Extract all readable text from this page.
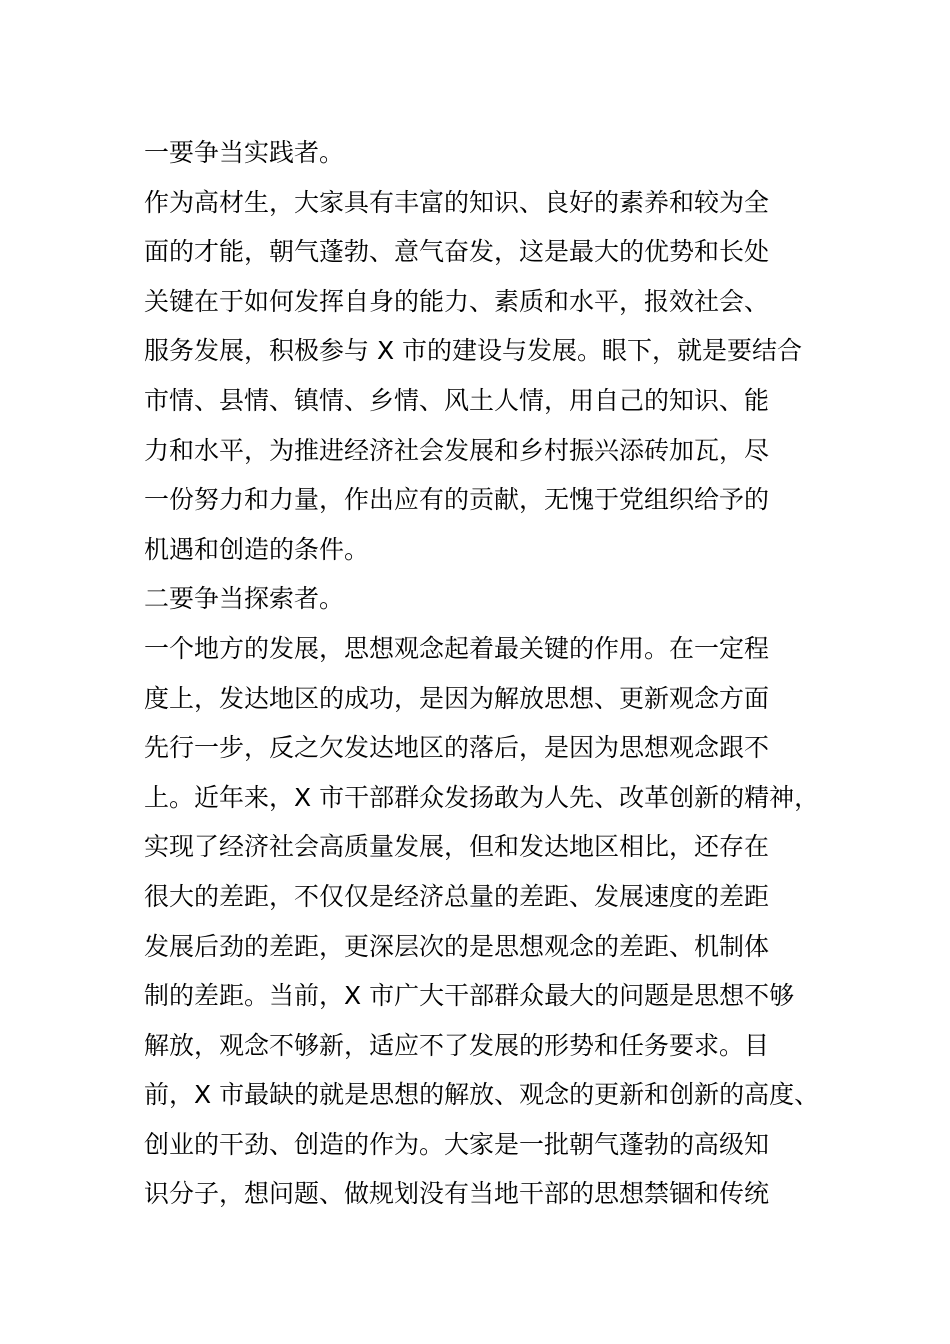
一要争当实践者。
作为高材生，大家具有丰富的知识、良好的素养和较为全
面的才能，朝气蓬勃、意气奋发，这是最大的优势和长处
关键在于如何发挥自身的能力、素质和水平，报效社会、
服务发展，积极参与 X 市的建设与发展。眼下，就是要结合
市情、县情、镇情、乡情、风土人情，用自己的知识、能
力和水平，为推进经济社会发展和乡村振兴添砖加瓦，尽
一份努力和力量，作出应有的贡献，无愧于党组织给予的
机遇和创造的条件。
二要争当探索者。
一个地方的发展，思想观念起着最关键的作用。在一定程
度上，发达地区的成功，是因为解放思想、更新观念方面
先行一步，反之欠发达地区的落后，是因为思想观念跟不
上。近年来，X 市干部群众发扬敢为人先、改革创新的精神，
实现了经济社会高质量发展，但和发达地区相比，还存在
很大的差距，不仅仅是经济总量的差距、发展速度的差距
发展后劲的差距，更深层次的是思想观念的差距、机制体
制的差距。当前，X 市广大干部群众最大的问题是思想不够
解放，观念不够新，适应不了发展的形势和任务要求。目
前，X 市最缺的就是思想的解放、观念的更新和创新的高度、
创业的干劲、创造的作为。大家是一批朝气蓬勃的高级知
识分子，想问题、做规划没有当地干部的思想禁锢和传统
